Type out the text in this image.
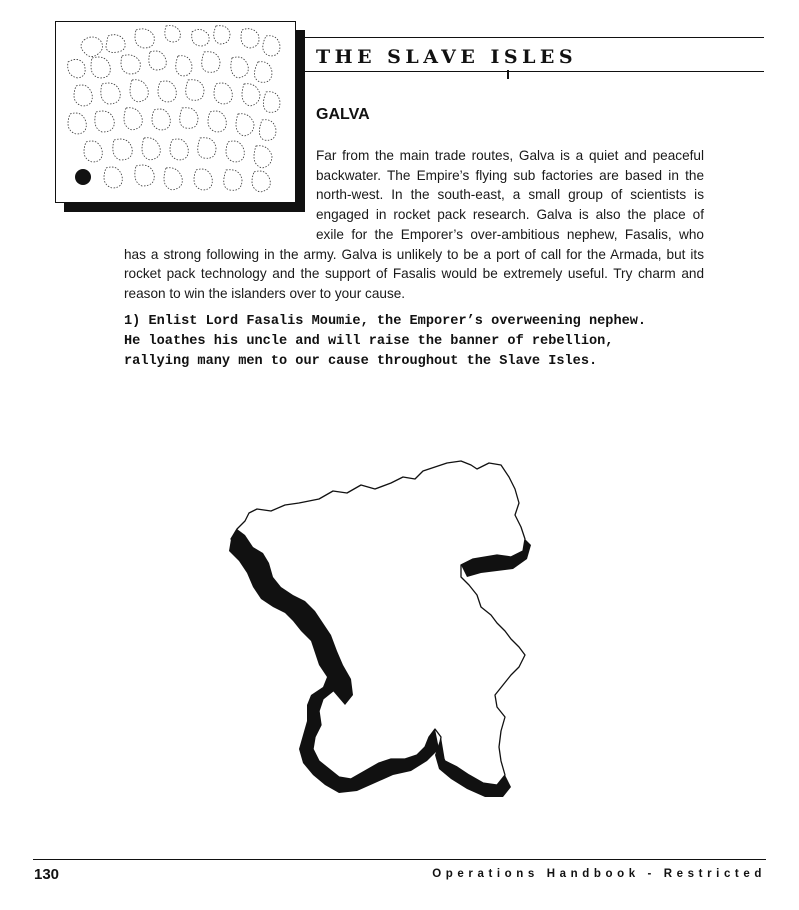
THE SLAVE ISLES
GALVA

Far from the main trade routes, Galva is a quiet and peaceful backwater. The Empire’s flying sub factories are based in the north-west. In the south-east, a small group of scientists is engaged in rocket pack research. Galva is also the place of exile for the Emporer’s over-ambitious nephew, Fasalis, who has a strong following in the army. Galva is unlikely to be a port of call for the Armada, but its rocket pack technology and the support of Fasalis would be extremely useful. Try charm and reason to win the islanders over to your cause.

1) Enlist Lord Fasalis Moumie, the Emporer’s overweening nephew.
He loathes his uncle and will raise the banner of rebellion,
rallying many men to our cause throughout the Slave Isles.

130	Operations Handbook - Restricted
